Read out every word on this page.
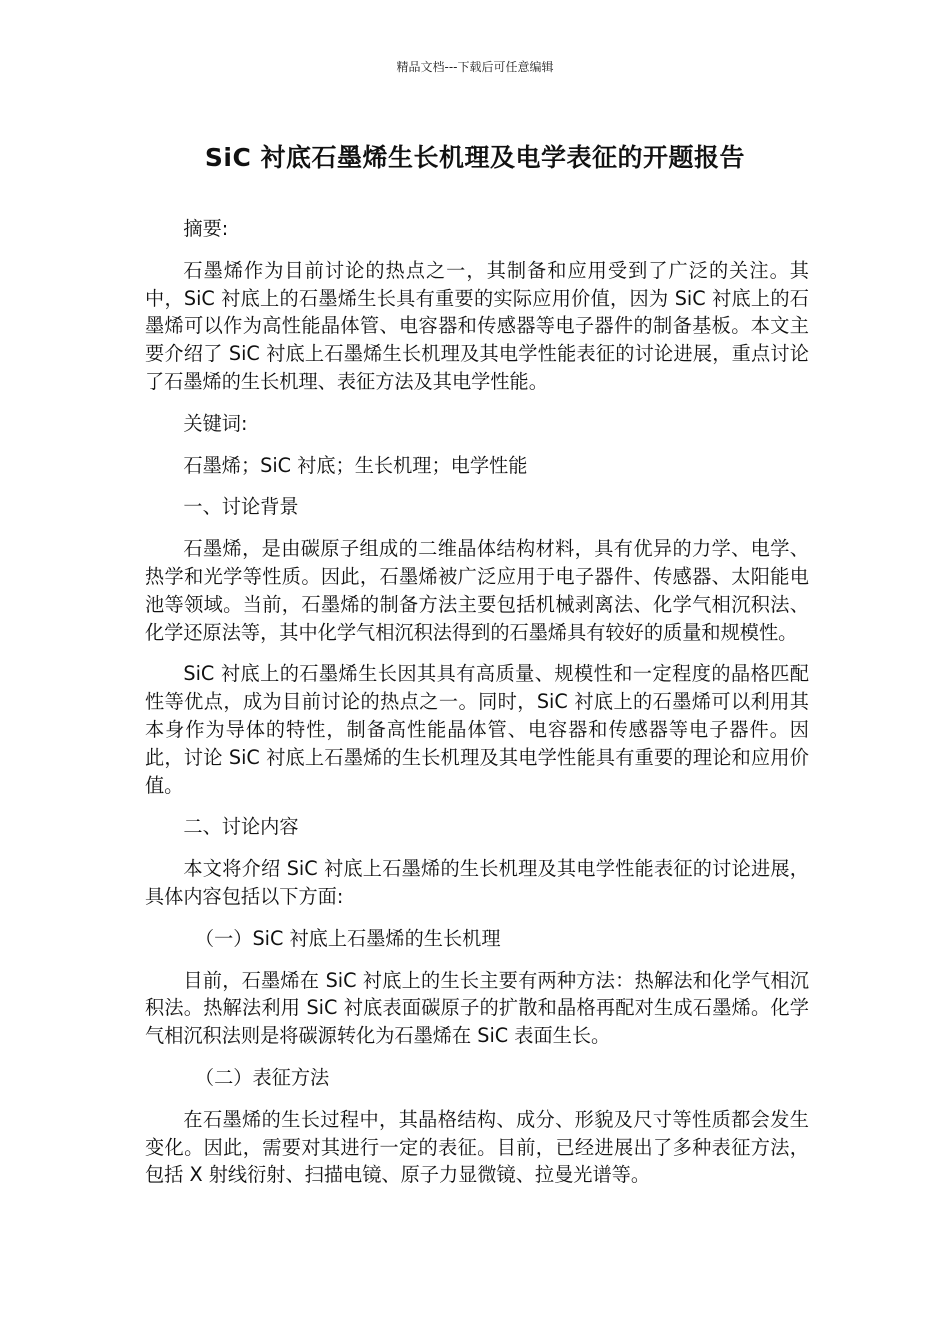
精品文档---下载后可任意编辑
SiC 衬底石墨烯生长机理及电学表征的开题报告

摘要:

石墨烯作为目前讨论的热点之一，其制备和应用受到了广泛的关注。其中，SiC 衬底上的石墨烯生长具有重要的实际应用价值，因为 SiC 衬底上的石墨烯可以作为高性能晶体管、电容器和传感器等电子器件的制备基板。本文主要介绍了 SiC 衬底上石墨烯生长机理及其电学性能表征的讨论进展，重点讨论了石墨烯的生长机理、表征方法及其电学性能。

关键词:

石墨烯；SiC 衬底；生长机理；电学性能

一、讨论背景

石墨烯，是由碳原子组成的二维晶体结构材料，具有优异的力学、电学、热学和光学等性质。因此，石墨烯被广泛应用于电子器件、传感器、太阳能电池等领域。当前，石墨烯的制备方法主要包括机械剥离法、化学气相沉积法、化学还原法等，其中化学气相沉积法得到的石墨烯具有较好的质量和规模性。

SiC 衬底上的石墨烯生长因其具有高质量、规模性和一定程度的晶格匹配性等优点，成为目前讨论的热点之一。同时，SiC 衬底上的石墨烯可以利用其本身作为导体的特性，制备高性能晶体管、电容器和传感器等电子器件。因此，讨论 SiC 衬底上石墨烯的生长机理及其电学性能具有重要的理论和应用价值。

二、讨论内容

本文将介绍 SiC 衬底上石墨烯的生长机理及其电学性能表征的讨论进展，具体内容包括以下方面:

（一）SiC 衬底上石墨烯的生长机理

目前，石墨烯在 SiC 衬底上的生长主要有两种方法：热解法和化学气相沉积法。热解法利用 SiC 衬底表面碳原子的扩散和晶格再配对生成石墨烯。化学气相沉积法则是将碳源转化为石墨烯在 SiC 表面生长。

（二）表征方法

在石墨烯的生长过程中，其晶格结构、成分、形貌及尺寸等性质都会发生变化。因此，需要对其进行一定的表征。目前，已经进展出了多种表征方法，包括 X 射线衍射、扫描电镜、原子力显微镜、拉曼光谱等。
